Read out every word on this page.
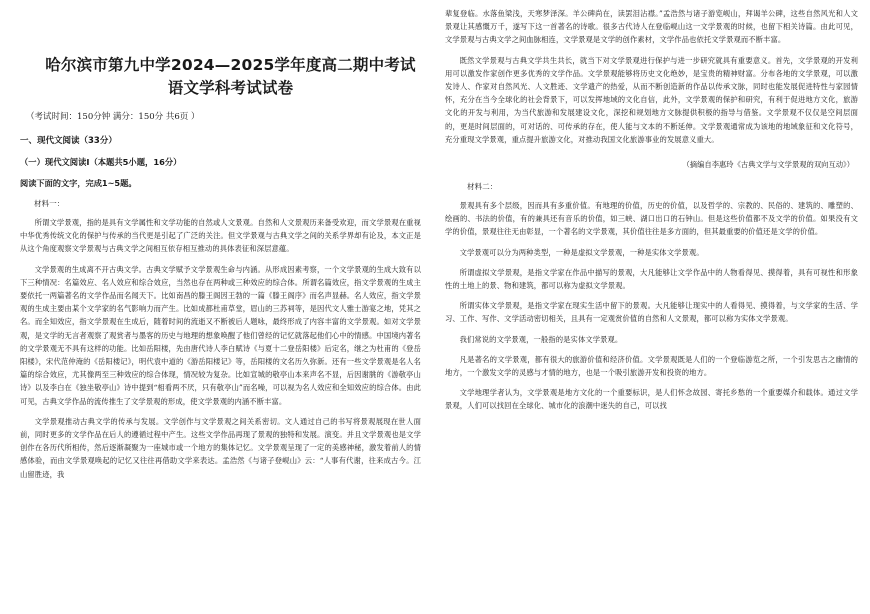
哈尔滨市第九中学2024—2025学年度高二期中考试
语文学科考试试卷
（考试时间：150分钟 满分：150分 共6页 ）
一、现代文阅读（33分）
（一）现代文阅读Ⅰ（本题共5小题，16分）
阅读下面的文字，完成1~5题。
材料一：

所谓文学景观，指的是具有文学属性和文学功能的自然或人文景观。自然和人文景观历来备受欢迎，而文学景观在重视中华优秀传统文化的保护与传承的当代更是引起了广泛的关注。但文学景观与古典文学之间的关系学界却有论及，本文正是从这个角度观察文学景观与古典文学之间相互依存相互推动的具体表征和深层意蕴。

文学景观的生成离不开古典文学。古典文学赋予文学景观生命与内涵。从形成因素考察，一个文学景观的生成大致有以下三种情况：名篇效应、名人效应和综合效应，当然也存在两种或三种效应的综合体。所谓名篇效应，指文学景观的生成主要依托一两篇著名的文学作品而名闻天下。比如南昌的滕王阁因王勃的一篇《滕王阁序》而名声显赫。名人效应，指文学景观的生成主要由某个文学家的名气影响力而产生。比如成都杜甫草堂，眉山的三苏祠等，是因代文人雅士游宴之地，凭其之名。而全知效应，指文学景观在生成后，随着时间的流逝又不断被后人题咏，最终形成了内容丰富的文学景观。如对文学景观，是文学的无言者观察了观赏者与墨客的历史与地理的想象唤醒了他们曾经的记忆就落起他们心中的情感。中国境内著名的文学景观无不具有这样的功能。比如岳阳楼，先由唐代诗人李白赋诗《与夏十二登岳阳楼》后定名，继之为杜甫的《登岳阳楼》，宋代范仲淹的《岳阳楼记》，明代袁中道的《游岳阳楼记》等，岳阳楼的文名历久弥新。还有一些文学景观是名人名篇的综合效应，尤其像两至三种效应的综合体现，情况较为复杂。比如宣城的敬亭山本来声名不显，后因谢朓的《游敬亭山诗》以及李白在《独坐敬亭山》诗中提到“相看两不厌，只有敬亭山”而名噪，可以视为名人效应和全知效应的综合体。由此可见，古典文学作品的流传推生了文学景观的形成，使文学景观的内涵不断丰富。

文学景观推动古典文学的传承与发展。文学创作与文学景观之间关系密切。文人通过自己的书写将景观展现在世人面前，同时更多的文学作品在后人的遵循过程中产生。这些文学作品再现了景观的独特和发展。演变。并且文学景观也是文学创作在各历代所相传，然后逐渐凝聚为一座城市或一个地方的集体记忆。文学景观呈现了一定的美感神秘，激发着前人的情感体验，而由文学景观唤起的记忆又往往再借助文学来表达。孟浩然《与诸子登岘山》云：“人事有代谢，往来成古今。江山留胜迹，我

辈复登临。水落鱼梁浅，天寒梦泽深。羊公碑尚在，读罢泪沾襟。”孟浩然与诸子游览岘山，拜谒羊公碑，这些自然风光和人文景观让其感慨万千，遂写下这一首著名的诗歌。很多古代诗人在登临岘山这一文学景观的时候，也留下相关诗篇。由此可见，文学景观与古典文学之间血脉相连，文学景观是文学的创作素材，文学作品也依托文学景观而不断丰富。

既然文学景观与古典文学共生共长，就当下对文学景观进行保护与进一步研究就具有重要意义。首先，文学景观的开发利用可以激发作家创作更多优秀的文学作品。文学景观能够将历史文化绝妙，是宝贵的精神财富。分布各地的文学景观，可以激发诗人、作家对自然风光、人文胜迹、文学遗产的热爱，从而不断创造新的作品以传承文脉，同时也能发展促进特性与家园情怀，充分在当今全球化的社会背景下，可以发挥地域的文化自信，此外，文学景观的保护和研究，有利于促进地方文化，旅游文化的开发与利用，为当代旅游和发展建设文化，深挖和规划地方文脉提供积极的指导与借鉴。文学景观不仅仅是空间层面的，更是时间层面的，可对话的、可传承的存在，使人能与文本的不断延伸。文学景观通常成为该地的地域象征和文化符号，充分重现文学景观，重点提升旅游文化，对推动我国文化旅游事业的发展意义重大。

（摘编自李惠玲《古典文学与文学景观的双向互动》）
材料二：

景观具有多个层级，因而具有多重价值。有地理的价值，历史的价值，以及哲学的、宗教的、民俗的、建筑的、雕塑的、绘画的、书法的价值，有的兼具还有音乐的价值，如三峡、湖口出口的石钟山。但是这些价值都不及文学的价值。如果没有文学的价值，景观往往无由彰显，一个著名的文学景观，其价值往往是多方面的，但其最重要的价值还是文学的价值。

文学景观可以分为两种类型，一种是虚拟文学景观，一种是实体文学景观。

所谓虚拟文学景观，是指文学家在作品中描写的景观，大凡能够让文学作品中的人物看得见、摸得着，具有可视性和形象性的土地上的景、物和建筑，都可以称为虚拟文学景观。

所谓实体文学景观，是指文学家在现实生活中留下的景观。大凡能够让现实中的人看得见、摸得着，与文学家的生活、学习、工作、写作、文学活动密切相关，且具有一定观赏价值的自然和人文景观，都可以称为实体文学景观。

我们常说的文学景观，一般指的是实体文学景观。

凡是著名的文学景观，都有很大的旅游价值和经济价值。文学景观既是人们的一个登临游览之所，一个引发思古之幽情的地方，一个激发文学的灵感与才情的地方，也是一个吸引旅游开发和投资的地方。

文学地理学者认为，文学景观是地方文化的一个重要标识，是人们怀念故园、寄托乡愁的一个重要媒介和载体。通过文学景观，人们可以找回在全球化、城市化的浪潮中迷失的自己，可以找
